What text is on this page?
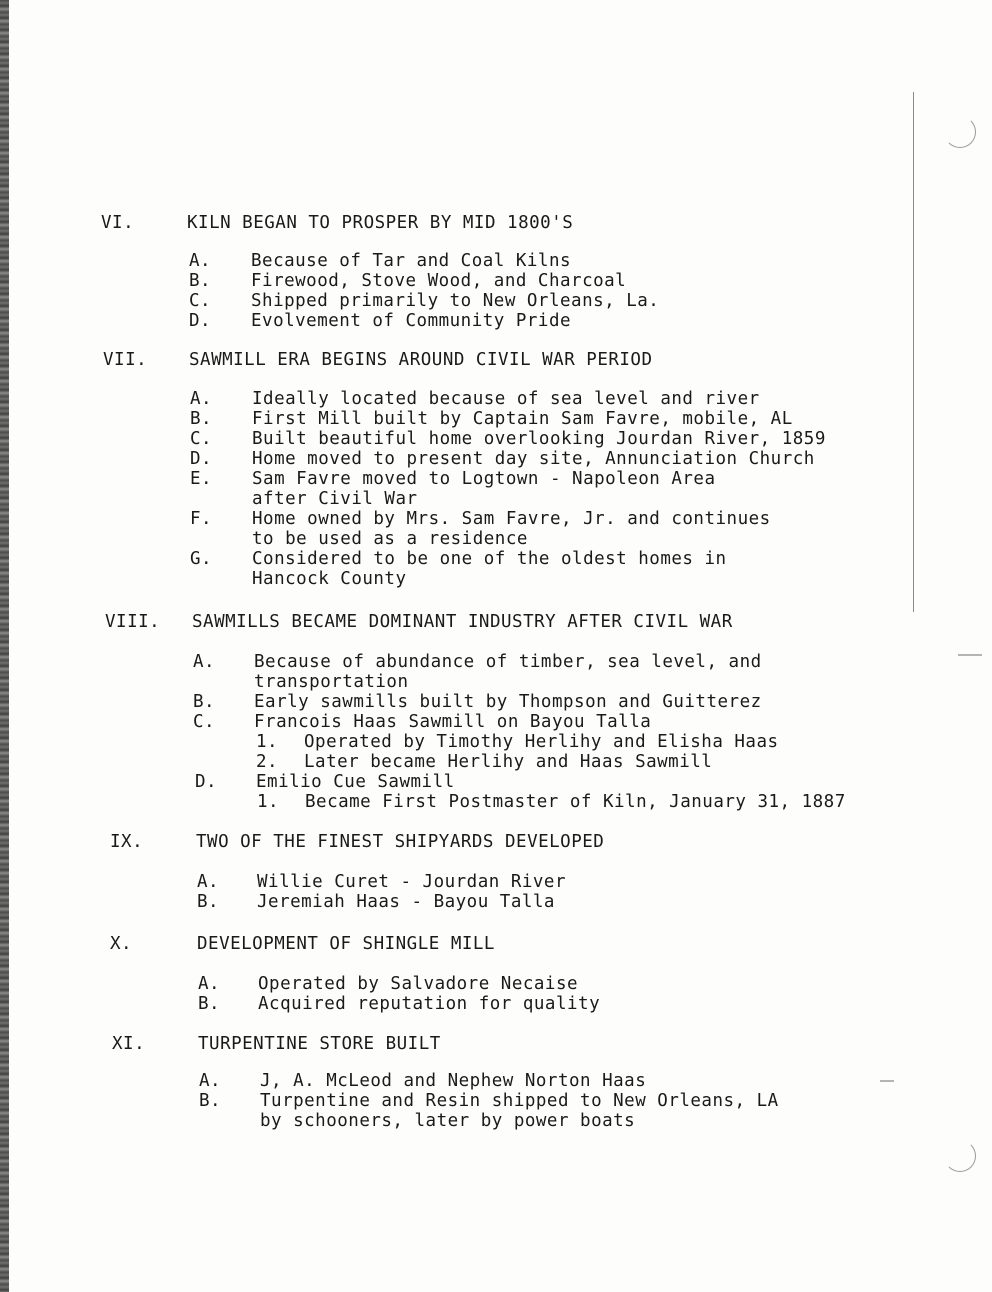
VI.	KILN BEGAN TO PROSPER BY MID 1800'S
A. Because of Tar and Coal Kilns
B. Firewood, Stove Wood, and Charcoal
C. Shipped primarily to New Orleans, La.
D. Evolvement of Community Pride
VII. SAWMILL ERA BEGINS AROUND CIVIL WAR PERIOD
A. Ideally located because of sea level and river
B. First Mill built by Captain Sam Favre, mobile, AL
C. Built beautiful home overlooking Jourdan River, 1859
D. Home moved to present day site, Annunciation Church
E. Sam Favre moved to Logtown - Napoleon Area
after Civil War
F. Home owned by Mrs. Sam Favre, Jr. and continues
to be used as a residence
G. Considered to be one of the oldest homes in
Hancock County
VIII. SAWMILLS BECAME DOMINANT INDUSTRY AFTER CIVIL WAR
A. Because of abundance of timber, sea level, and
transportation
B. Early sawmills built by Thompson and Guitterez
C. Francois Haas Sawmill on Bayou Talla
1. Operated by Timothy Herlihy and Elisha Haas
2. Later became Herlihy and Haas Sawmill
D. Emilio Cue Sawmill
1. Became First Postmaster of Kiln, January 31, 1887
IX.	TWO OF THE FINEST SHIPYARDS DEVELOPED
A. Willie Curet - Jourdan River
B. Jeremiah Haas - Bayou Talla
X.	DEVELOPMENT OF SHINGLE MILL
A. Operated by Salvadore Necaise
B. Acquired reputation for quality
XI.	TURPENTINE STORE BUILT
A. J, A. McLeod and Nephew Norton Haas
B. Turpentine and Resin shipped to New Orleans, LA
by schooners, later by power boats
